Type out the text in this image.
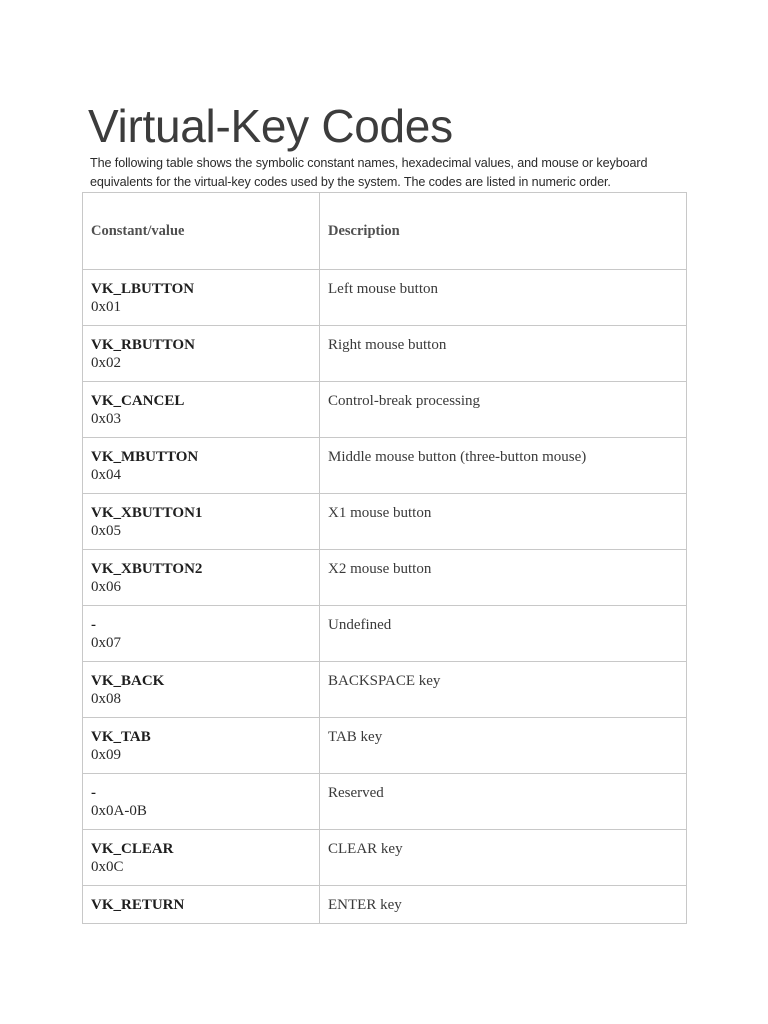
Virtual-Key Codes

The following table shows the symbolic constant names, hexadecimal values, and mouse or keyboard equivalents for the virtual-key codes used by the system. The codes are listed in numeric order.

Constant/value	Description

VK_LBUTTON
0x01	Left mouse button

VK_RBUTTON
0x02	Right mouse button

VK_CANCEL
0x03	Control-break processing

VK_MBUTTON
0x04	Middle mouse button (three-button mouse)

VK_XBUTTON1
0x05	X1 mouse button

VK_XBUTTON2
0x06	X2 mouse button

-
0x07	Undefined

VK_BACK
0x08	BACKSPACE key

VK_TAB
0x09	TAB key

-
0x0A-0B	Reserved

VK_CLEAR
0x0C	CLEAR key

VK_RETURN	ENTER key
